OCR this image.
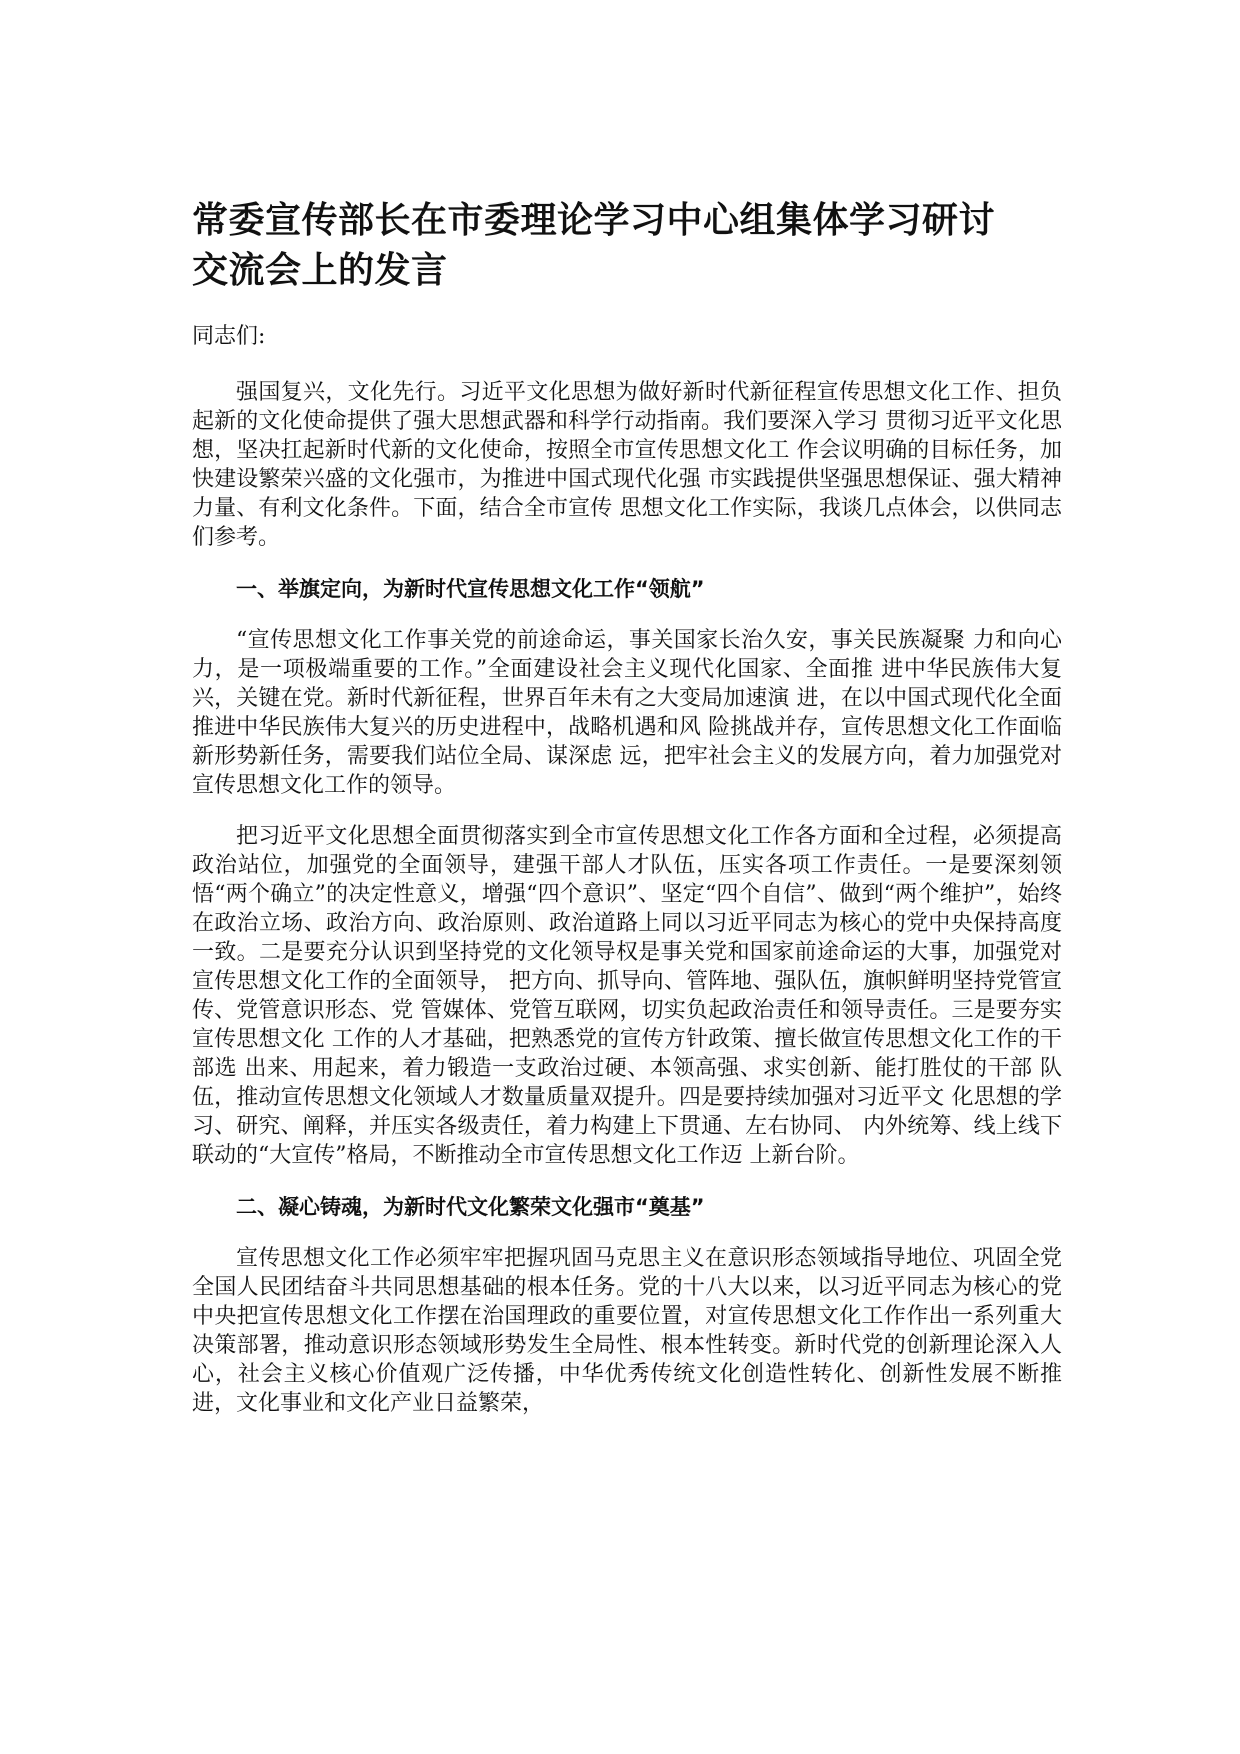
常委宣传部长在市委理论学习中心组集体学习研讨
交流会上的发言

同志们:

强国复兴，文化先行。习近平文化思想为做好新时代新征程宣传思想文化工作、担负起新的文化使命提供了强大思想武器和科学行动指南。我们要深入学习 贯彻习近平文化思想，坚决扛起新时代新的文化使命，按照全市宣传思想文化工 作会议明确的目标任务，加快建设繁荣兴盛的文化强市，为推进中国式现代化强 市实践提供坚强思想保证、强大精神力量、有利文化条件。下面，结合全市宣传 思想文化工作实际，我谈几点体会，以供同志们参考。

一、举旗定向，为新时代宣传思想文化工作“领航”

“宣传思想文化工作事关党的前途命运，事关国家长治久安，事关民族凝聚 力和向心力，是一项极端重要的工作。”全面建设社会主义现代化国家、全面推 进中华民族伟大复兴，关键在党。新时代新征程，世界百年未有之大变局加速演 进，在以中国式现代化全面推进中华民族伟大复兴的历史进程中，战略机遇和风 险挑战并存，宣传思想文化工作面临新形势新任务，需要我们站位全局、谋深虑 远，把牢社会主义的发展方向，着力加强党对宣传思想文化工作的领导。

把习近平文化思想全面贯彻落实到全市宣传思想文化工作各方面和全过程，必须提高政治站位，加强党的全面领导，建强干部人才队伍，压实各项工作责任。一是要深刻领悟“两个确立”的决定性意义，增强“四个意识”、坚定“四个自信”、做到“两个维护”，始终在政治立场、政治方向、政治原则、政治道路上同以习近平同志为核心的党中央保持高度一致。二是要充分认识到坚持党的文化领导权是事关党和国家前途命运的大事，加强党对宣传思想文化工作的全面领导， 把方向、抓导向、管阵地、强队伍，旗帜鲜明坚持党管宣传、党管意识形态、党 管媒体、党管互联网，切实负起政治责任和领导责任。三是要夯实宣传思想文化 工作的人才基础，把熟悉党的宣传方针政策、擅长做宣传思想文化工作的干部选 出来、用起来，着力锻造一支政治过硬、本领高强、求实创新、能打胜仗的干部 队伍，推动宣传思想文化领域人才数量质量双提升。四是要持续加强对习近平文 化思想的学习、研究、阐释，并压实各级责任，着力构建上下贯通、左右协同、 内外统筹、线上线下联动的“大宣传”格局，不断推动全市宣传思想文化工作迈 上新台阶。

二、凝心铸魂，为新时代文化繁荣文化强市“奠基”

宣传思想文化工作必须牢牢把握巩固马克思主义在意识形态领域指导地位、巩固全党全国人民团结奋斗共同思想基础的根本任务。党的十八大以来，以习近平同志为核心的党中央把宣传思想文化工作摆在治国理政的重要位置，对宣传思想文化工作作出一系列重大决策部署，推动意识形态领域形势发生全局性、根本性转变。新时代党的创新理论深入人心，社会主义核心价值观广泛传播，中华优秀传统文化创造性转化、创新性发展不断推进，文化事业和文化产业日益繁荣，
